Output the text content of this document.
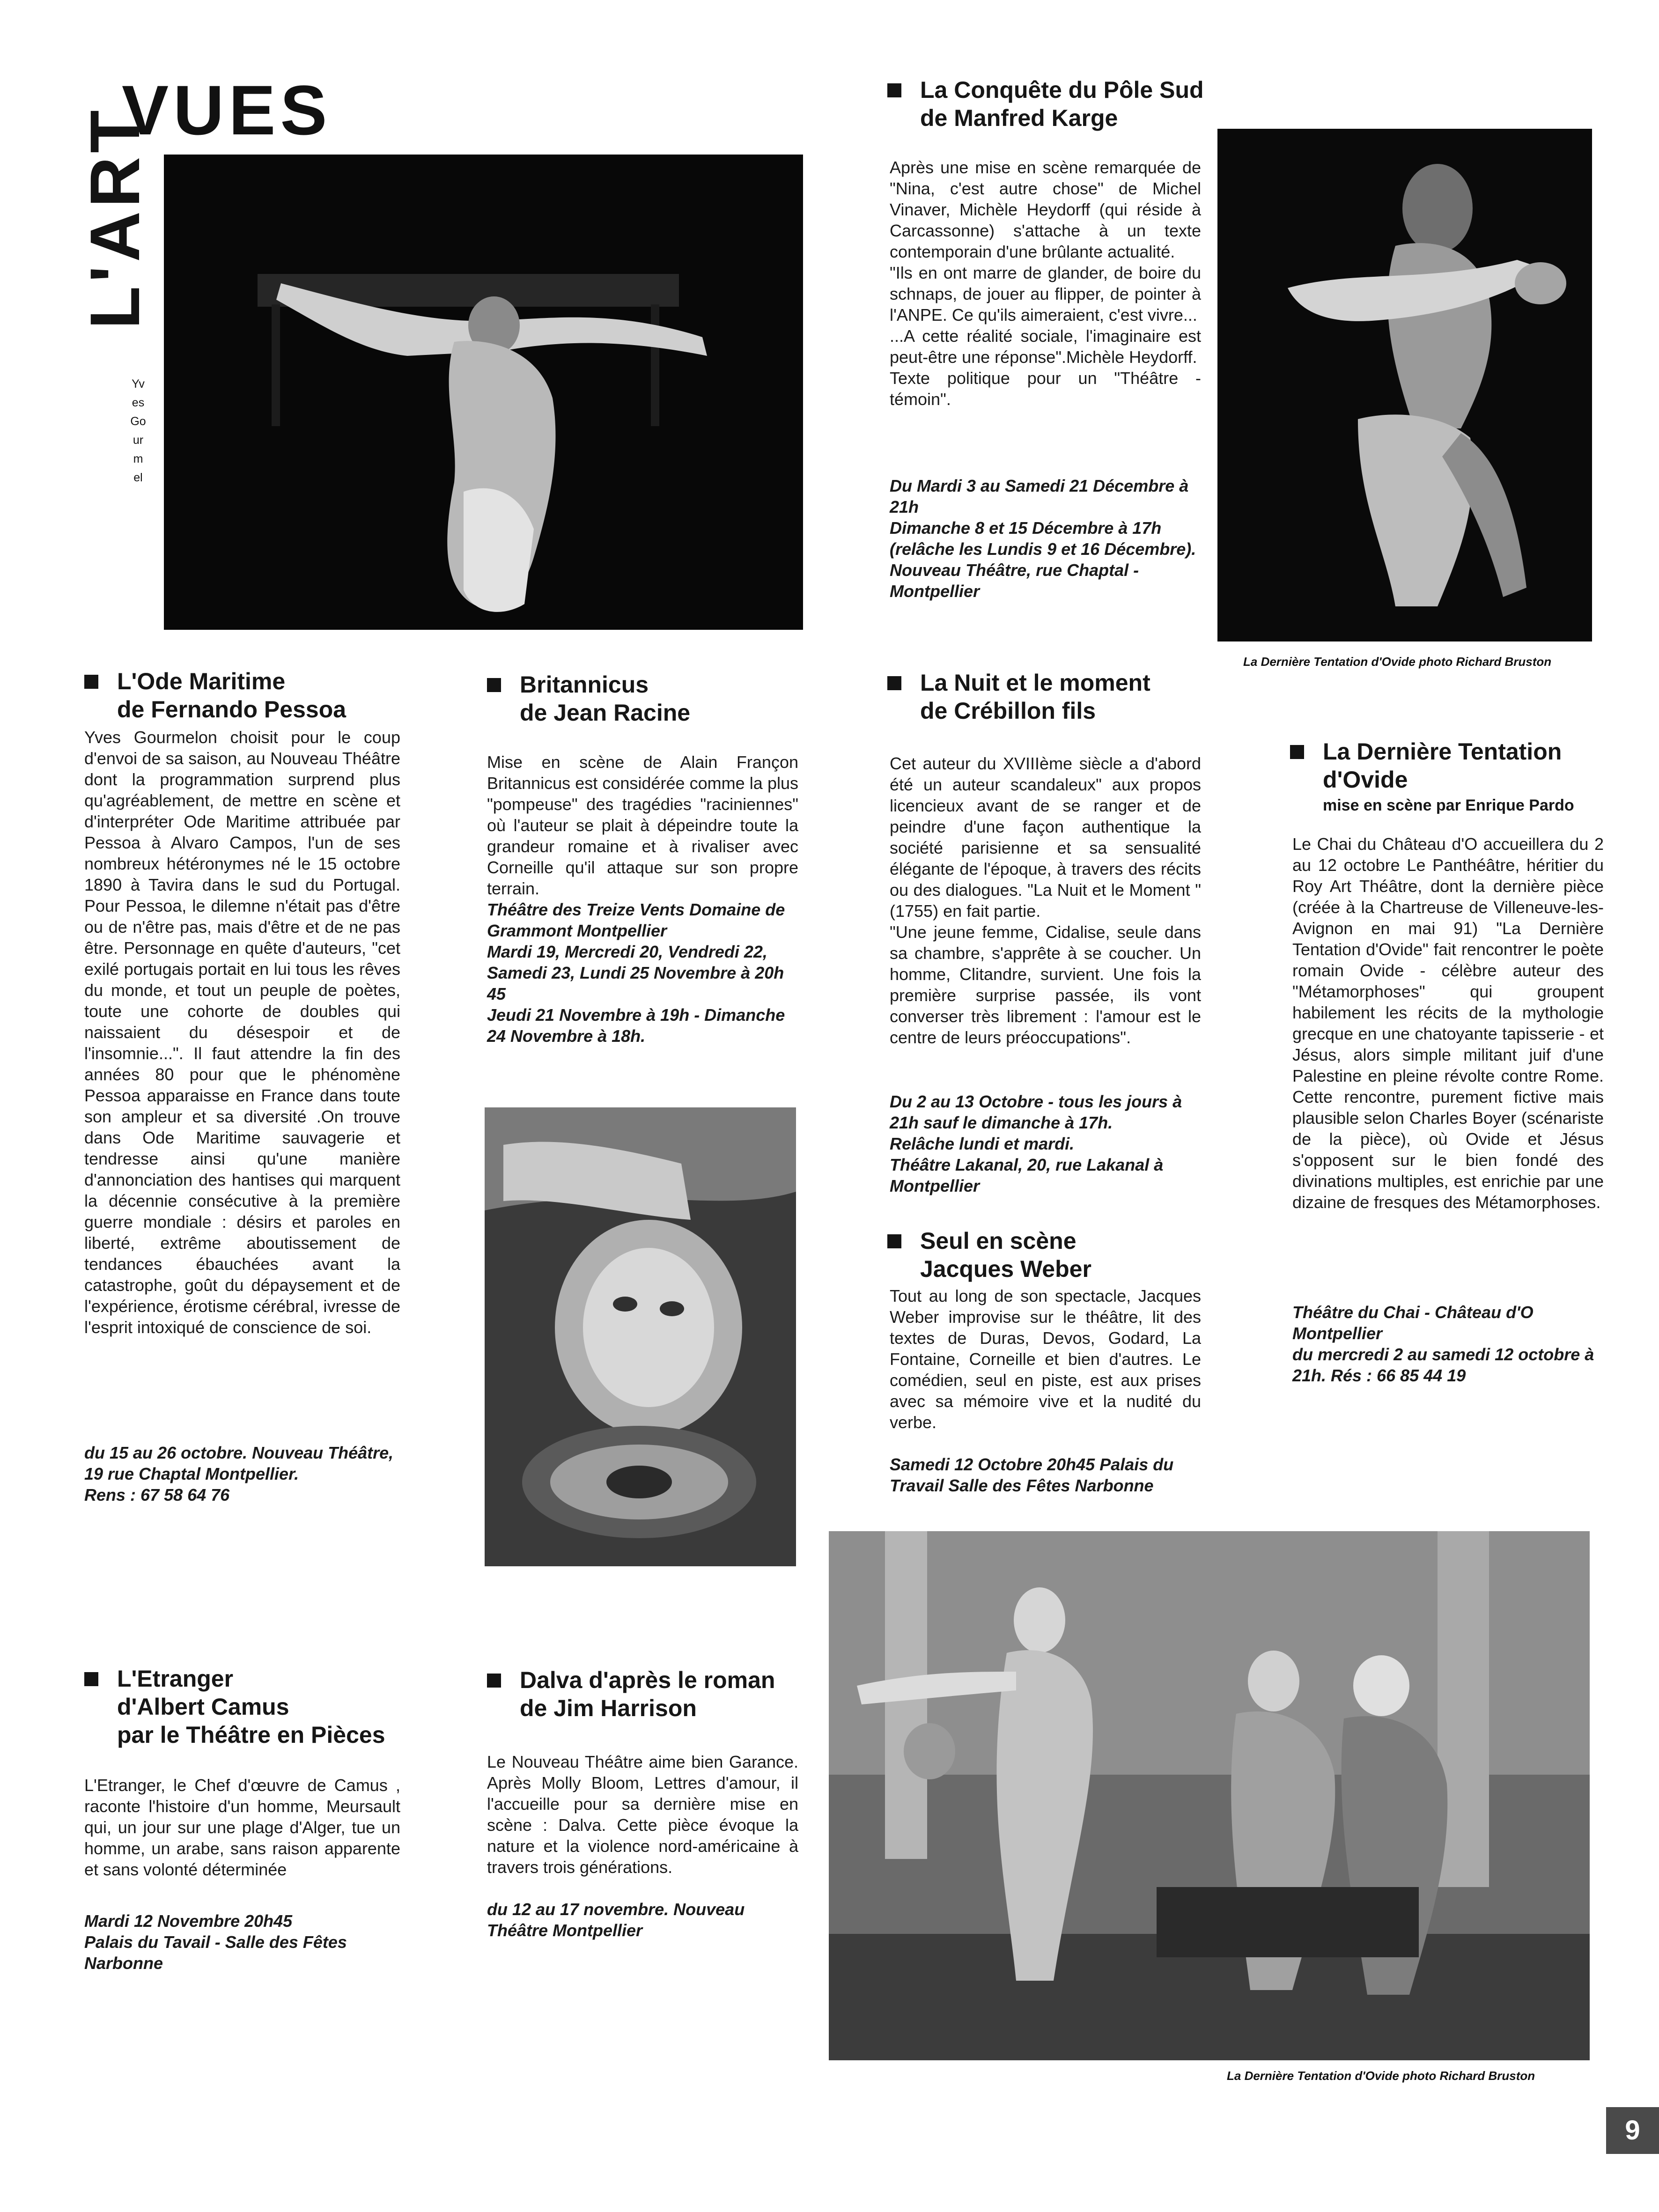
VUES
L'ART
Yves Gourmel
La Dernière Tentation d'Ovide photo Richard Bruston
La Dernière Tentation d'Ovide photo Richard Bruston
La Conquête du Pôle Sud
de Manfred Karge

Après une mise en scène remarquée de "Nina, c'est autre chose" de Michel Vinaver, Michèle Heydorff (qui réside à Carcassonne) s'attache à un texte contemporain d'une brûlante actualité.

"Ils en ont marre de glander, de boire du schnaps, de jouer au flipper, de pointer à l'ANPE. Ce qu'ils aimeraient, c'est vivre...

...A cette réalité sociale, l'imaginaire est peut-être une réponse".Michèle Heydorff.

Texte politique pour un "Théâtre - témoin".

Du Mardi 3 au Samedi 21 Décembre à 21h

Dimanche 8 et 15 Décembre à 17h (relâche les Lundis 9 et 16 Décembre).

Nouveau Théâtre, rue Chaptal - Montpellier

L'Ode Maritime
de Fernando Pessoa

Yves Gourmelon choisit pour le coup d'envoi de sa saison, au Nouveau Théâtre dont la programmation surprend plus qu'agréablement, de mettre en scène et d'interpréter Ode Maritime attribuée par Pessoa à Alvaro Campos, l'un de ses nombreux hétéronymes né le 15 octobre 1890 à Tavira dans le sud du Portugal. Pour Pessoa, le dilemne n'était pas d'être ou de n'être pas, mais d'être et de ne pas être. Personnage en quête d'auteurs, "cet exilé portugais portait en lui tous les rêves du monde, et tout un peuple de poètes, toute une cohorte de doubles qui naissaient du désespoir et de l'insomnie...". Il faut attendre la fin des années 80 pour que le phénomène Pessoa apparaisse en France dans toute son ampleur et sa diversité .On trouve dans Ode Maritime sauvagerie et tendresse ainsi qu'une manière d'annonciation des hantises qui marquent la décennie consécutive à la première guerre mondiale : désirs et paroles en liberté, extrême aboutissement de tendances ébauchées avant la catastrophe, goût du dépaysement et de l'expérience, érotisme cérébral, ivresse de l'esprit intoxiqué de conscience de soi.

du 15 au 26 octobre. Nouveau Théâtre, 19 rue Chaptal Montpellier.

Rens : 67 58 64 76

Britannicus
de Jean Racine

Mise en scène de Alain Françon Britannicus est considérée comme la plus "pompeuse" des tragédies "raciniennes" où l'auteur se plait à dépeindre toute la grandeur romaine et à rivaliser avec Corneille qu'il attaque sur son propre terrain.

Théâtre des Treize Vents Domaine de Grammont Montpellier

Mardi 19, Mercredi 20, Vendredi 22, Samedi 23, Lundi 25 Novembre à 20h 45

Jeudi 21 Novembre à 19h - Dimanche 24 Novembre à 18h.

La Nuit et le moment
de Crébillon fils

Cet auteur du XVIIIème siècle a d'abord été un auteur scandaleux" aux propos licencieux avant de se ranger et de peindre d'une façon authentique la société parisienne et sa sensualité élégante de l'époque, à travers des récits ou des dialogues. "La Nuit et le Moment "(1755) en fait partie.

"Une jeune femme, Cidalise, seule dans sa chambre, s'apprête à se coucher. Un homme, Clitandre, survient. Une fois la première surprise passée, ils vont converser très librement : l'amour est le centre de leurs préoccupations".

Du 2 au 13 Octobre - tous les jours à 21h sauf le dimanche à 17h.

Relâche lundi et mardi.

Théâtre Lakanal, 20, rue Lakanal à Montpellier

La Dernière Tentation
d'Ovide
mise en scène par Enrique Pardo

Le Chai du Château d'O accueillera du 2 au 12 octobre Le Panthéâtre, héritier du Roy Art Théâtre, dont la dernière pièce (créée à la Chartreuse de Villeneuve-les-Avignon en mai 91) "La Dernière Tentation d'Ovide" fait rencontrer le poète romain Ovide - célèbre auteur des "Métamorphoses" qui groupent habilement les récits de la mythologie grecque en une chatoyante tapisserie - et Jésus, alors simple militant juif d'une Palestine en pleine révolte contre Rome. Cette rencontre, purement fictive mais plausible selon Charles Boyer (scénariste de la pièce), où Ovide et Jésus s'opposent sur le bien fondé des divinations multiples, est enrichie par une dizaine de fresques des Métamorphoses.

Théâtre du Chai - Château d'O Montpellier

du mercredi 2 au samedi 12 octobre à 21h. Rés : 66 85 44 19

Seul en scène
Jacques Weber

Tout au long de son spectacle, Jacques Weber improvise sur le théâtre, lit des textes de Duras, Devos, Godard, La Fontaine, Corneille et bien d'autres. Le comédien, seul en piste, est aux prises avec sa mémoire vive et la nudité du verbe.

Samedi 12 Octobre 20h45 Palais du Travail Salle des Fêtes Narbonne

L'Etranger
d'Albert Camus
par le Théâtre en Pièces

L'Etranger, le Chef d'œuvre de Camus , raconte l'histoire d'un homme, Meursault qui, un jour sur une plage d'Alger, tue un homme, un arabe, sans raison apparente et sans volonté déterminée

Mardi 12 Novembre 20h45

Palais du Tavail - Salle des Fêtes

Narbonne

Dalva d'après le roman
de Jim Harrison

Le Nouveau Théâtre aime bien Garance. Après Molly Bloom, Lettres d'amour, il l'accueille pour sa dernière mise en scène : Dalva. Cette pièce évoque la nature et la violence nord-américaine à travers trois générations.

du 12 au 17 novembre. Nouveau Théâtre Montpellier

9
